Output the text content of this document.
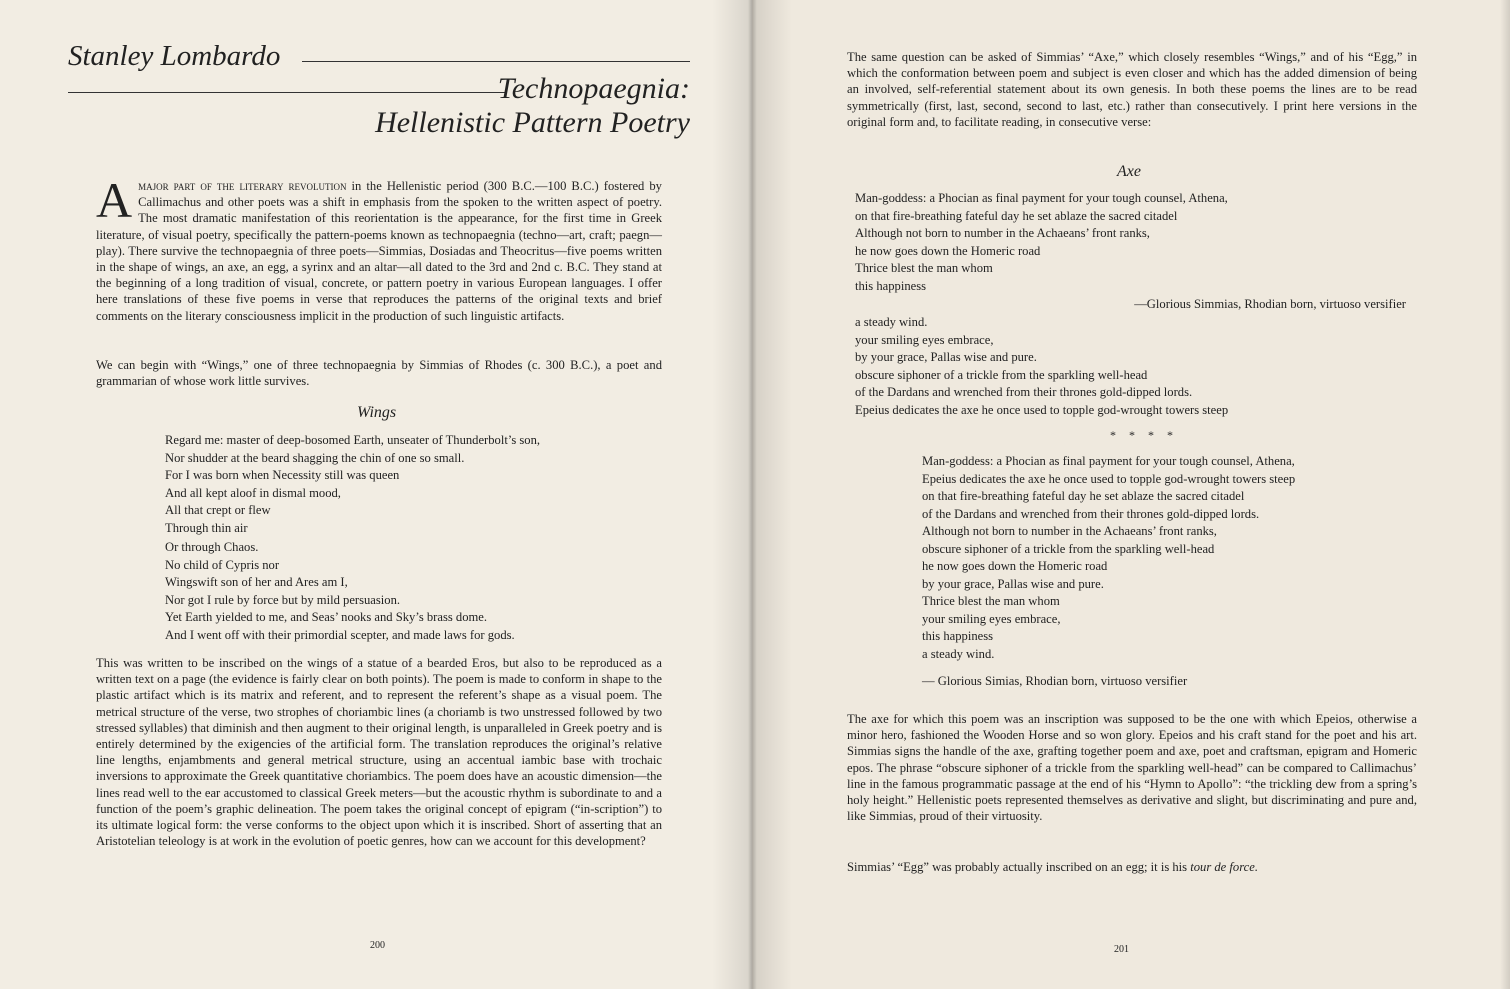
Stanley Lombardo
Technopaegnia:
Hellenistic Pattern Poetry

Amajor part of the literary revolution in the Hellenistic period (300 B.C.—100 B.C.) fostered by Callimachus and other poets was a shift in emphasis from the spoken to the written aspect of poetry. The most dramatic manifestation of this reorientation is the appearance, for the first time in Greek literature, of visual poetry, specifically the pattern-poems known as technopaegnia (techno—art, craft; paegn—play). There survive the technopaegnia of three poets—Simmias, Dosiadas and Theocritus—five poems written in the shape of wings, an axe, an egg, a syrinx and an altar—all dated to the 3rd and 2nd c. B.C. They stand at the beginning of a long tradition of visual, concrete, or pattern poetry in various European languages. I offer here translations of these five poems in verse that reproduces the patterns of the original texts and brief comments on the literary consciousness implicit in the production of such linguistic artifacts.

We can begin with “Wings,” one of three technopaegnia by Simmias of Rhodes (c. 300 B.C.), a poet and grammarian of whose work little survives.

Wings
Regard me: master of deep-bosomed Earth, unseater of Thunderbolt’s son,
Nor shudder at the beard shagging the chin of one so small.
For I was born when Necessity still was queen
And all kept aloof in dismal mood,
All that crept or flew
Through thin air
Or through Chaos.
No child of Cypris nor
Wingswift son of her and Ares am I,
Nor got I rule by force but by mild persuasion.
Yet Earth yielded to me, and Seas’ nooks and Sky’s brass dome.
And I went off with their primordial scepter, and made laws for gods.

This was written to be inscribed on the wings of a statue of a bearded Eros, but also to be reproduced as a written text on a page (the evidence is fairly clear on both points). The poem is made to conform in shape to the plastic artifact which is its matrix and referent, and to represent the referent’s shape as a visual poem. The metrical structure of the verse, two strophes of choriambic lines (a choriamb is two unstressed followed by two stressed syllables) that diminish and then augment to their original length, is unparalleled in Greek poetry and is entirely determined by the exigencies of the artificial form. The translation reproduces the original’s relative line lengths, enjambments and general metrical structure, using an accentual iambic base with trochaic inversions to approximate the Greek quantitative choriambics. The poem does have an acoustic dimension—the lines read well to the ear accustomed to classical Greek meters—but the acoustic rhythm is subordinate to and a function of the poem’s graphic delineation. The poem takes the original concept of epigram (“in-scription”) to its ultimate logical form: the verse conforms to the object upon which it is inscribed. Short of asserting that an Aristotelian teleology is at work in the evolution of poetic genres, how can we account for this development?

200

The same question can be asked of Simmias’ “Axe,” which closely resembles “Wings,” and of his “Egg,” in which the conformation between poem and subject is even closer and which has the added dimension of being an involved, self-referential statement about its own genesis. In both these poems the lines are to be read symmetrically (first, last, second, second to last, etc.) rather than consecutively. I print here versions in the original form and, to facilitate reading, in consecutive verse:

Axe
Man-goddess: a Phocian as final payment for your tough counsel, Athena,
on that fire-breathing fateful day he set ablaze the sacred citadel
Although not born to number in the Achaeans’ front ranks,
he now goes down the Homeric road
Thrice blest the man whom
this happiness
—Glorious Simmias, Rhodian born, virtuoso versifier
a steady wind.
your smiling eyes embrace,
by your grace, Pallas wise and pure.
obscure siphoner of a trickle from the sparkling well-head
of the Dardans and wrenched from their thrones gold-dipped lords.
Epeius dedicates the axe he once used to topple god-wrought towers steep
* * * *
Man-goddess: a Phocian as final payment for your tough counsel, Athena,
Epeius dedicates the axe he once used to topple god-wrought towers steep
on that fire-breathing fateful day he set ablaze the sacred citadel
of the Dardans and wrenched from their thrones gold-dipped lords.
Although not born to number in the Achaeans’ front ranks,
obscure siphoner of a trickle from the sparkling well-head
he now goes down the Homeric road
by your grace, Pallas wise and pure.
Thrice blest the man whom
your smiling eyes embrace,
this happiness
a steady wind.
— Glorious Simias, Rhodian born, virtuoso versifier

The axe for which this poem was an inscription was supposed to be the one with which Epeios, otherwise a minor hero, fashioned the Wooden Horse and so won glory. Epeios and his craft stand for the poet and his art. Simmias signs the handle of the axe, grafting together poem and axe, poet and craftsman, epigram and Homeric epos. The phrase “obscure siphoner of a trickle from the sparkling well-head” can be compared to Callimachus’ line in the famous programmatic passage at the end of his “Hymn to Apollo”: “the trickling dew from a spring’s holy height.” Hellenistic poets represented themselves as derivative and slight, but discriminating and pure and, like Simmias, proud of their virtuosity.

Simmias’ “Egg” was probably actually inscribed on an egg; it is his tour de force.

201
